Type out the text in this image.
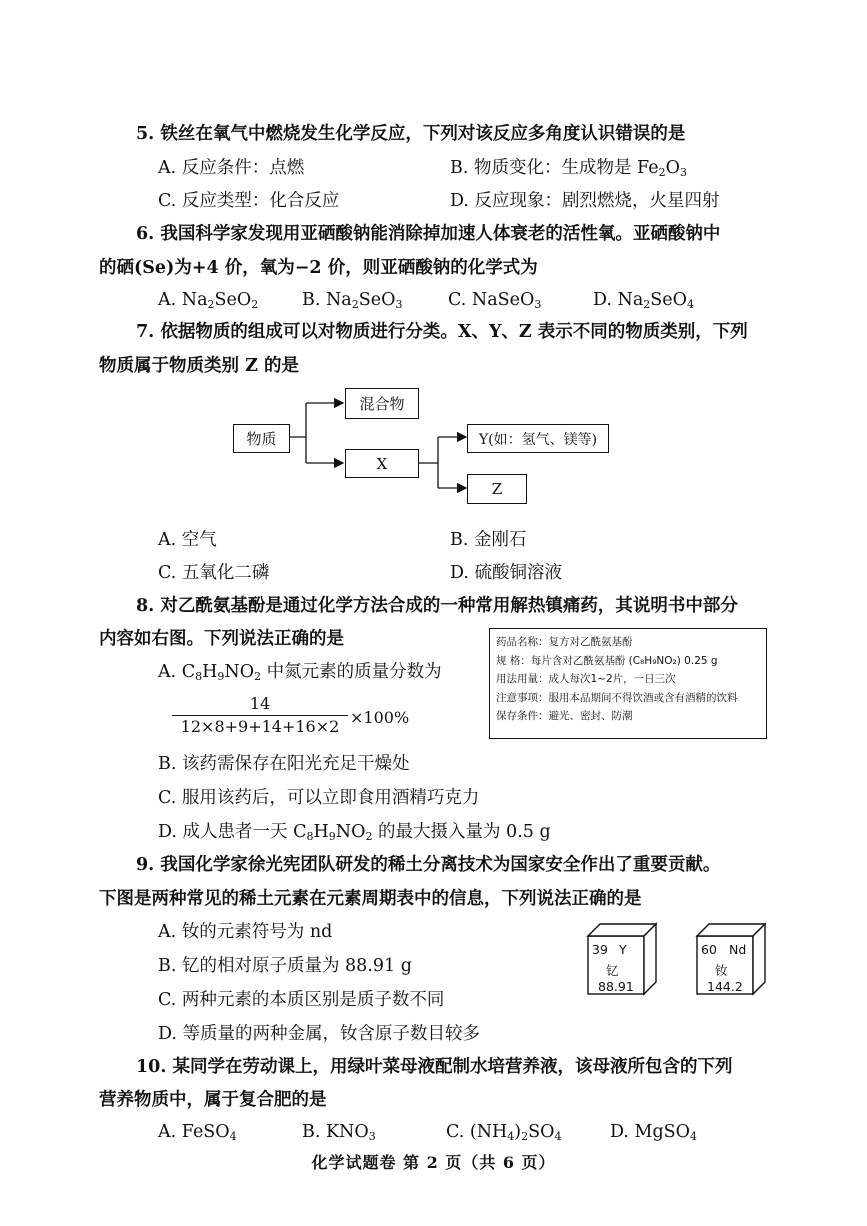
5. 铁丝在氧气中燃烧发生化学反应，下列对该反应多角度认识错误的是
A. 反应条件：点燃	B. 物质变化：生成物是 $Fe_2O_3$
C. 反应类型：化合反应	D. 反应现象：剧烈燃烧，火星四射
6. 我国科学家发现用亚硒酸钠能消除掉加速人体衰老的活性氧。亚硒酸钠中
的硒(Se)为+4 价，氧为−2 价，则亚硒酸钠的化学式为
A. $Na_2SeO_2$	B. $Na_2SeO_3$	C. NaSeO$_3$	D. $Na_2SeO_4$
7. 依据物质的组成可以对物质进行分类。X、Y、Z 表示不同的物质类别，下列
物质属于物质类别 Z 的是
物质
混合物
X
Y(如：氢气、镁等)
Z
A. 空气	B. 金刚石
C. 五氧化二磷	D. 硫酸铜溶液
8. 对乙酰氨基酚是通过化学方法合成的一种常用解热镇痛药，其说明书中部分
内容如右图。下列说法正确的是
A. $C_8H_9NO_2$ 中氮元素的质量分数为
14
12×8+9+14+16×2 ×100%
B. 该药需保存在阳光充足干燥处
C. 服用该药后，可以立即食用酒精巧克力
D. 成人患者一天 $C_8H_9NO_2$ 的最大摄入量为 0.5 g
药品名称：复方对乙酰氨基酚
规 格：每片含对乙酰氨基酚 (C₈H₉NO₂) 0.25 g
用法用量：成人每次1~2片，一日三次
注意事项：服用本品期间不得饮酒或含有酒精的饮料
保存条件：避光、密封、防潮
9. 我国化学家徐光宪团队研发的稀土分离技术为国家安全作出了重要贡献。
下图是两种常见的稀土元素在元素周期表中的信息，下列说法正确的是
A. 钕的元素符号为 nd
B. 钇的相对原子质量为 88.91 g
C. 两种元素的本质区别是质子数不同
D. 等质量的两种金属，钕含原子数目较多
39 Y
钇
88.91
60 Nd
钕
144.2
10. 某同学在劳动课上，用绿叶菜母液配制水培营养液，该母液所包含的下列
营养物质中，属于复合肥的是
A. FeSO$_4$	B. $KNO_3$	C. $(NH_4)_2SO_4$	D. MgSO$_4$
化学试题卷 第 2 页（共 6 页）
